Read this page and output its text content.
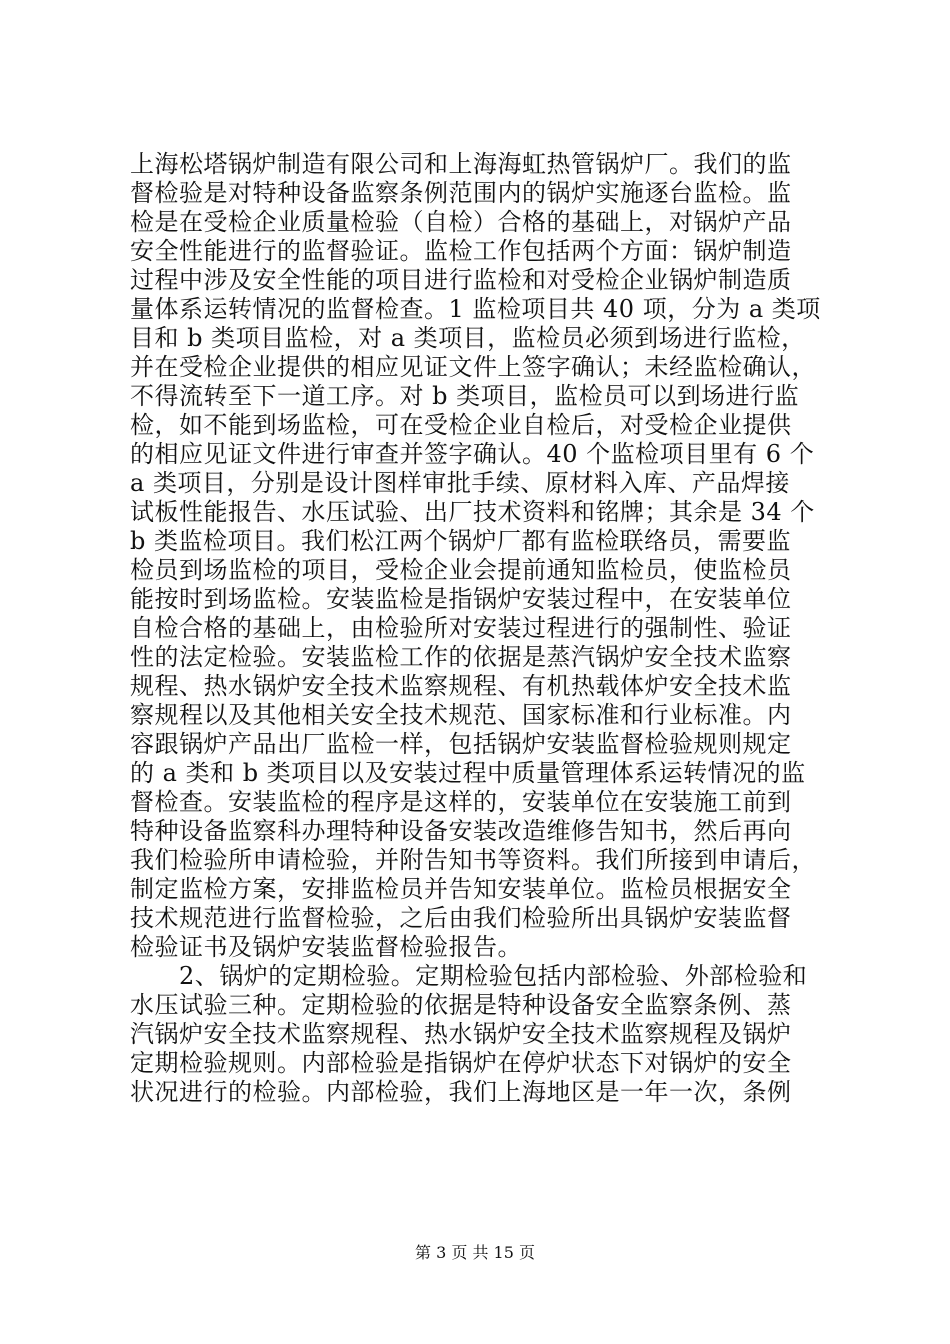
上海松塔锅炉制造有限公司和上海海虹热管锅炉厂。我们的监
督检验是对特种设备监察条例范围内的锅炉实施逐台监检。监
检是在受检企业质量检验（自检）合格的基础上，对锅炉产品
安全性能进行的监督验证。监检工作包括两个方面：锅炉制造
过程中涉及安全性能的项目进行监检和对受检企业锅炉制造质
量体系运转情况的监督检查。1 监检项目共 40 项，分为 a 类项
目和 b 类项目监检，对 a 类项目，监检员必须到场进行监检，
并在受检企业提供的相应见证文件上签字确认；未经监检确认，
不得流转至下一道工序。对 b 类项目，监检员可以到场进行监
检，如不能到场监检，可在受检企业自检后，对受检企业提供
的相应见证文件进行审查并签字确认。40 个监检项目里有 6 个
a 类项目，分别是设计图样审批手续、原材料入库、产品焊接
试板性能报告、水压试验、出厂技术资料和铭牌；其余是 34 个
b 类监检项目。我们松江两个锅炉厂都有监检联络员，需要监
检员到场监检的项目，受检企业会提前通知监检员，使监检员
能按时到场监检。安装监检是指锅炉安装过程中，在安装单位
自检合格的基础上，由检验所对安装过程进行的强制性、验证
性的法定检验。安装监检工作的依据是蒸汽锅炉安全技术监察
规程、热水锅炉安全技术监察规程、有机热载体炉安全技术监
察规程以及其他相关安全技术规范、国家标准和行业标准。内
容跟锅炉产品出厂监检一样，包括锅炉安装监督检验规则规定
的 a 类和 b 类项目以及安装过程中质量管理体系运转情况的监
督检查。安装监检的程序是这样的，安装单位在安装施工前到
特种设备监察科办理特种设备安装改造维修告知书，然后再向
我们检验所申请检验，并附告知书等资料。我们所接到申请后，
制定监检方案，安排监检员并告知安装单位。监检员根据安全
技术规范进行监督检验，之后由我们检验所出具锅炉安装监督
检验证书及锅炉安装监督检验报告。
　　2、锅炉的定期检验。定期检验包括内部检验、外部检验和
水压试验三种。定期检验的依据是特种设备安全监察条例、蒸
汽锅炉安全技术监察规程、热水锅炉安全技术监察规程及锅炉
定期检验规则。内部检验是指锅炉在停炉状态下对锅炉的安全
状况进行的检验。内部检验，我们上海地区是一年一次，条例
第 3 页 共 15 页
